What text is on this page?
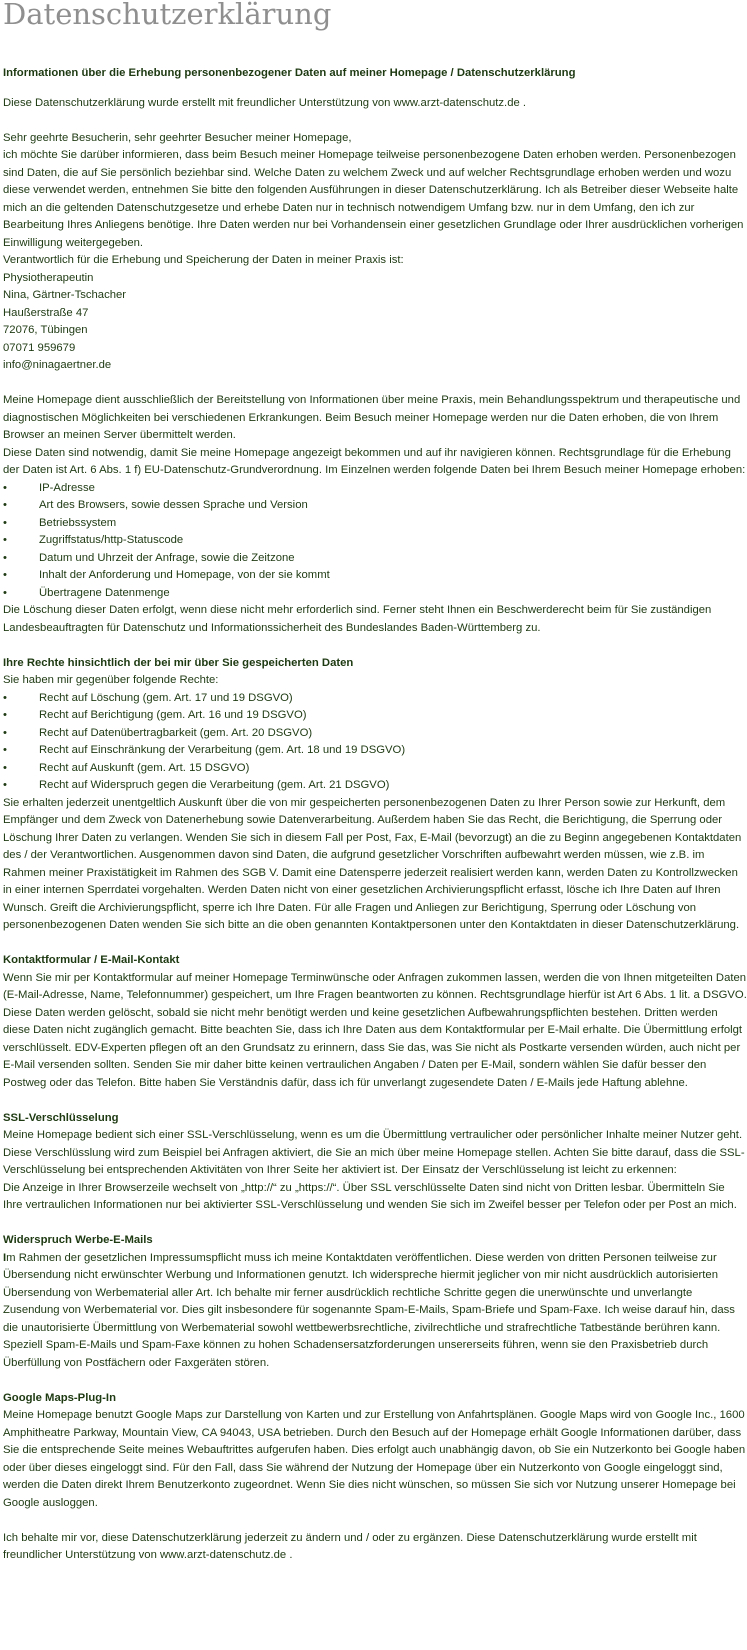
Datenschutzerklärung

Informationen über die Erhebung personenbezogener Daten auf meiner Homepage / Datenschutzerklärung

Diese Datenschutzerklärung wurde erstellt mit freundlicher Unterstützung von www.arzt-datenschutz.de .

Sehr geehrte Besucherin, sehr geehrter Besucher meiner Homepage,

ich möchte Sie darüber informieren, dass beim Besuch meiner Homepage teilweise personenbezogene Daten erhoben werden. Personenbezogen sind Daten, die auf Sie persönlich beziehbar sind. Welche Daten zu welchem Zweck und auf welcher Rechtsgrundlage erhoben werden und wozu diese verwendet werden, entnehmen Sie bitte den folgenden Ausführungen in dieser Datenschutzerklärung. Ich als Betreiber dieser Webseite halte mich an die geltenden Datenschutzgesetze und erhebe Daten nur in technisch notwendigem Umfang bzw. nur in dem Umfang, den ich zur Bearbeitung Ihres Anliegens benötige. Ihre Daten werden nur bei Vorhandensein einer gesetzlichen Grundlage oder Ihrer ausdrücklichen vorherigen Einwilligung weitergegeben.

Verantwortlich für die Erhebung und Speicherung der Daten in meiner Praxis ist:

Physiotherapeutin

Nina, Gärtner-Tschacher

Haußerstraße 47

72076, Tübingen

07071 959679

info@ninagaertner.de

Meine Homepage dient ausschließlich der Bereitstellung von Informationen über meine Praxis, mein Behandlungsspektrum und therapeutische und diagnostischen Möglichkeiten bei verschiedenen Erkrankungen. Beim Besuch meiner Homepage werden nur die Daten erhoben, die von Ihrem Browser an meinen Server übermittelt werden.

Diese Daten sind notwendig, damit Sie meine Homepage angezeigt bekommen und auf ihr navigieren können. Rechtsgrundlage für die Erhebung der Daten ist Art. 6 Abs. 1 f) EU-Datenschutz-Grundverordnung. Im Einzelnen werden folgende Daten bei Ihrem Besuch meiner Homepage erhoben:

•	IP-Adresse

•	Art des Browsers, sowie dessen Sprache und Version

•	Betriebssystem

•	Zugriffstatus/http-Statuscode

•	Datum und Uhrzeit der Anfrage, sowie die Zeitzone

•	Inhalt der Anforderung und Homepage, von der sie kommt

•	Übertragene Datenmenge

Die Löschung dieser Daten erfolgt, wenn diese nicht mehr erforderlich sind. Ferner steht Ihnen ein Beschwerderecht beim für Sie zuständigen Landesbeauftragten für Datenschutz und Informationssicherheit des Bundeslandes Baden-Württemberg zu.

Ihre Rechte hinsichtlich der bei mir über Sie gespeicherten Daten

Sie haben mir gegenüber folgende Rechte:

•	Recht auf Löschung (gem. Art. 17 und 19 DSGVO)

•	Recht auf Berichtigung (gem. Art. 16 und 19 DSGVO)

•	Recht auf Datenübertragbarkeit (gem. Art. 20 DSGVO)

•	Recht auf Einschränkung der Verarbeitung (gem. Art. 18 und 19 DSGVO)

•	Recht auf Auskunft (gem. Art. 15 DSGVO)

•	Recht auf Widerspruch gegen die Verarbeitung (gem. Art. 21 DSGVO)

Sie erhalten jederzeit unentgeltlich Auskunft über die von mir gespeicherten personenbezogenen Daten zu Ihrer Person sowie zur Herkunft, dem Empfänger und dem Zweck von Datenerhebung sowie Datenverarbeitung. Außerdem haben Sie das Recht, die Berichtigung, die Sperrung oder Löschung Ihrer Daten zu verlangen. Wenden Sie sich in diesem Fall per Post, Fax, E-Mail (bevorzugt) an die zu Beginn angegebenen Kontaktdaten des / der Verantwortlichen. Ausgenommen davon sind Daten, die aufgrund gesetzlicher Vorschriften aufbewahrt werden müssen, wie z.B. im Rahmen meiner Praxistätigkeit im Rahmen des SGB V. Damit eine Datensperre jederzeit realisiert werden kann, werden Daten zu Kontrollzwecken in einer internen Sperrdatei vorgehalten. Werden Daten nicht von einer gesetzlichen Archivierungspflicht erfasst, lösche ich Ihre Daten auf Ihren Wunsch. Greift die Archivierungspflicht, sperre ich Ihre Daten. Für alle Fragen und Anliegen zur Berichtigung, Sperrung oder Löschung von personenbezogenen Daten wenden Sie sich bitte an die oben genannten Kontaktpersonen unter den Kontaktdaten in dieser Datenschutzerklärung.

Kontaktformular / E-Mail-Kontakt

Wenn Sie mir per Kontaktformular auf meiner Homepage Terminwünsche oder Anfragen zukommen lassen, werden die von Ihnen mitgeteilten Daten (E-Mail-Adresse, Name, Telefonnummer) gespeichert, um Ihre Fragen beantworten zu können. Rechtsgrundlage hierfür ist Art 6 Abs. 1 lit. a DSGVO. Diese Daten werden gelöscht, sobald sie nicht mehr benötigt werden und keine gesetzlichen Aufbewahrungspflichten bestehen. Dritten werden diese Daten nicht zugänglich gemacht. Bitte beachten Sie, dass ich Ihre Daten aus dem Kontaktformular per E-Mail erhalte. Die Übermittlung erfolgt verschlüsselt. EDV-Experten pflegen oft an den Grundsatz zu erinnern, dass Sie das, was Sie nicht als Postkarte versenden würden, auch nicht per E-Mail versenden sollten. Senden Sie mir daher bitte keinen vertraulichen Angaben / Daten per E-Mail, sondern wählen Sie dafür besser den Postweg oder das Telefon. Bitte haben Sie Verständnis dafür, dass ich für unverlangt zugesendete Daten / E-Mails jede Haftung ablehne.

SSL-Verschlüsselung

Meine Homepage bedient sich einer SSL-Verschlüsselung, wenn es um die Übermittlung vertraulicher oder persönlicher Inhalte meiner Nutzer geht. Diese Verschlüsslung wird zum Beispiel bei Anfragen aktiviert, die Sie an mich über meine Homepage stellen. Achten Sie bitte darauf, dass die SSL-Verschlüsselung bei entsprechenden Aktivitäten von Ihrer Seite her aktiviert ist. Der Einsatz der Verschlüsselung ist leicht zu erkennen:

Die Anzeige in Ihrer Browserzeile wechselt von „http://“ zu „https://“. Über SSL verschlüsselte Daten sind nicht von Dritten lesbar. Übermitteln Sie Ihre vertraulichen Informationen nur bei aktivierter SSL-Verschlüsselung und wenden Sie sich im Zweifel besser per Telefon oder per Post an mich.

Widerspruch Werbe-E-Mails

Im Rahmen der gesetzlichen Impressumspflicht muss ich meine Kontaktdaten veröffentlichen. Diese werden von dritten Personen teilweise zur Übersendung nicht erwünschter Werbung und Informationen genutzt. Ich widerspreche hiermit jeglicher von mir nicht ausdrücklich autorisierten Übersendung von Werbematerial aller Art. Ich behalte mir ferner ausdrücklich rechtliche Schritte gegen die unerwünschte und unverlangte Zusendung von Werbematerial vor. Dies gilt insbesondere für sogenannte Spam-E-Mails, Spam-Briefe und Spam-Faxe. Ich weise darauf hin, dass die unautorisierte Übermittlung von Werbematerial sowohl wettbewerbsrechtliche, zivilrechtliche und strafrechtliche Tatbestände berühren kann. Speziell Spam-E-Mails und Spam-Faxe können zu hohen Schadensersatzforderungen unsererseits führen, wenn sie den Praxisbetrieb durch Überfüllung von Postfächern oder Faxgeräten stören.

Google Maps-Plug-In

Meine Homepage benutzt Google Maps zur Darstellung von Karten und zur Erstellung von Anfahrtsplänen. Google Maps wird von Google Inc., 1600 Amphitheatre Parkway, Mountain View, CA 94043, USA betrieben. Durch den Besuch auf der Homepage erhält Google Informationen darüber, dass Sie die entsprechende Seite meines Webauftrittes aufgerufen haben. Dies erfolgt auch unabhängig davon, ob Sie ein Nutzerkonto bei Google haben oder über dieses eingeloggt sind. Für den Fall, dass Sie während der Nutzung der Homepage über ein Nutzerkonto von Google eingeloggt sind, werden die Daten direkt Ihrem Benutzerkonto zugeordnet. Wenn Sie dies nicht wünschen, so müssen Sie sich vor Nutzung unserer Homepage bei Google ausloggen.

Ich behalte mir vor, diese Datenschutzerklärung jederzeit zu ändern und / oder zu ergänzen. Diese Datenschutzerklärung wurde erstellt mit freundlicher Unterstützung von www.arzt-datenschutz.de .
